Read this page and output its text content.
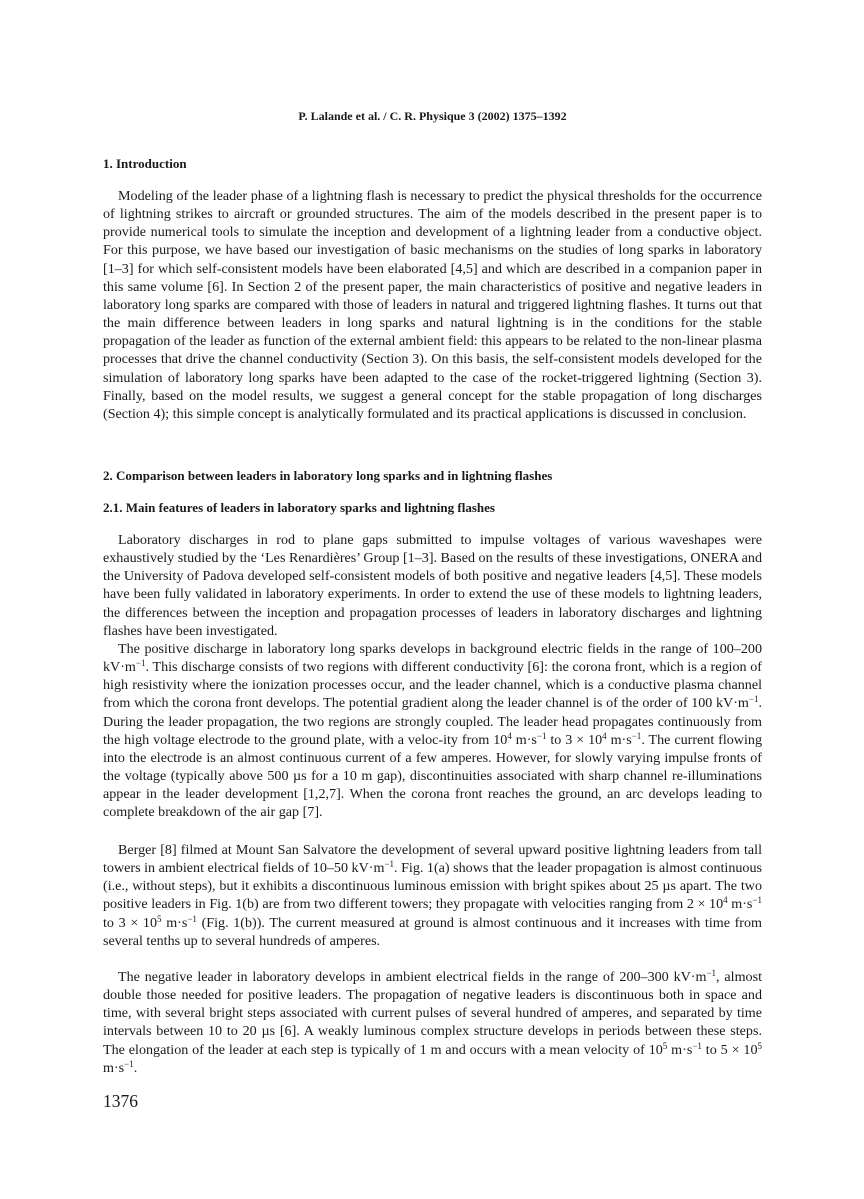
P. Lalande et al. / C. R. Physique 3 (2002) 1375–1392
1. Introduction
Modeling of the leader phase of a lightning flash is necessary to predict the physical thresholds for the occurrence of lightning strikes to aircraft or grounded structures. The aim of the models described in the present paper is to provide numerical tools to simulate the inception and development of a lightning leader from a conductive object. For this purpose, we have based our investigation of basic mechanisms on the studies of long sparks in laboratory [1–3] for which self-consistent models have been elaborated [4,5] and which are described in a companion paper in this same volume [6]. In Section 2 of the present paper, the main characteristics of positive and negative leaders in laboratory long sparks are compared with those of leaders in natural and triggered lightning flashes. It turns out that the main difference between leaders in long sparks and natural lightning is in the conditions for the stable propagation of the leader as function of the external ambient field: this appears to be related to the non-linear plasma processes that drive the channel conductivity (Section 3). On this basis, the self-consistent models developed for the simulation of laboratory long sparks have been adapted to the case of the rocket-triggered lightning (Section 3). Finally, based on the model results, we suggest a general concept for the stable propagation of long discharges (Section 4); this simple concept is analytically formulated and its practical applications is discussed in conclusion.
2. Comparison between leaders in laboratory long sparks and in lightning flashes
2.1. Main features of leaders in laboratory sparks and lightning flashes
Laboratory discharges in rod to plane gaps submitted to impulse voltages of various waveshapes were exhaustively studied by the ‘Les Renardières’ Group [1–3]. Based on the results of these investigations, ONERA and the University of Padova developed self-consistent models of both positive and negative leaders [4,5]. These models have been fully validated in laboratory experiments. In order to extend the use of these models to lightning leaders, the differences between the inception and propagation processes of leaders in laboratory discharges and lightning flashes have been investigated.
The positive discharge in laboratory long sparks develops in background electric fields in the range of 100–200 $kV\cdot m^{-1}$. This discharge consists of two regions with different conductivity [6]: the corona front, which is a region of high resistivity where the ionization processes occur, and the leader channel, which is a conductive plasma channel from which the corona front develops. The potential gradient along the leader channel is of the order of 100 $kV\cdot m^{-1}$. During the leader propagation, the two regions are strongly coupled. The leader head propagates continuously from the high voltage electrode to the ground plate, with a veloc-ity from $10^4$ $m\cdot s^{-1}$ to $3 \times 10^4$ $m\cdot s^{-1}$. The current flowing into the electrode is an almost continuous current of a few amperes. However, for slowly varying impulse fronts of the voltage (typically above 500 µs for a 10 m gap), discontinuities associated with sharp channel re-illuminations appear in the leader development [1,2,7]. When the corona front reaches the ground, an arc develops leading to complete breakdown of the air gap [7].
Berger [8] filmed at Mount San Salvatore the development of several upward positive lightning leaders from tall towers in ambient electrical fields of 10–50 $kV\cdot m^{-1}$. Fig. 1(a) shows that the leader propagation is almost continuous (i.e., without steps), but it exhibits a discontinuous luminous emission with bright spikes about 25 µs apart. The two positive leaders in Fig. 1(b) are from two different towers; they propagate with velocities ranging from $2 \times 10^4$ $m\cdot s^{-1}$ to $3 \times 10^5$ $m\cdot s^{-1}$ (Fig. 1(b)). The current measured at ground is almost continuous and it increases with time from several tenths up to several hundreds of amperes.
The negative leader in laboratory develops in ambient electrical fields in the range of 200–300 $kV\cdot m^{-1}$, almost double those needed for positive leaders. The propagation of negative leaders is discontinuous both in space and time, with several bright steps associated with current pulses of several hundred of amperes, and separated by time intervals between 10 to 20 µs [6]. A weakly luminous complex structure develops in periods between these steps. The elongation of the leader at each step is typically of 1 m and occurs with a mean velocity of $10^5$ $m\cdot s^{-1}$ to $5 \times 10^5$ $m\cdot s^{-1}$.
1376
